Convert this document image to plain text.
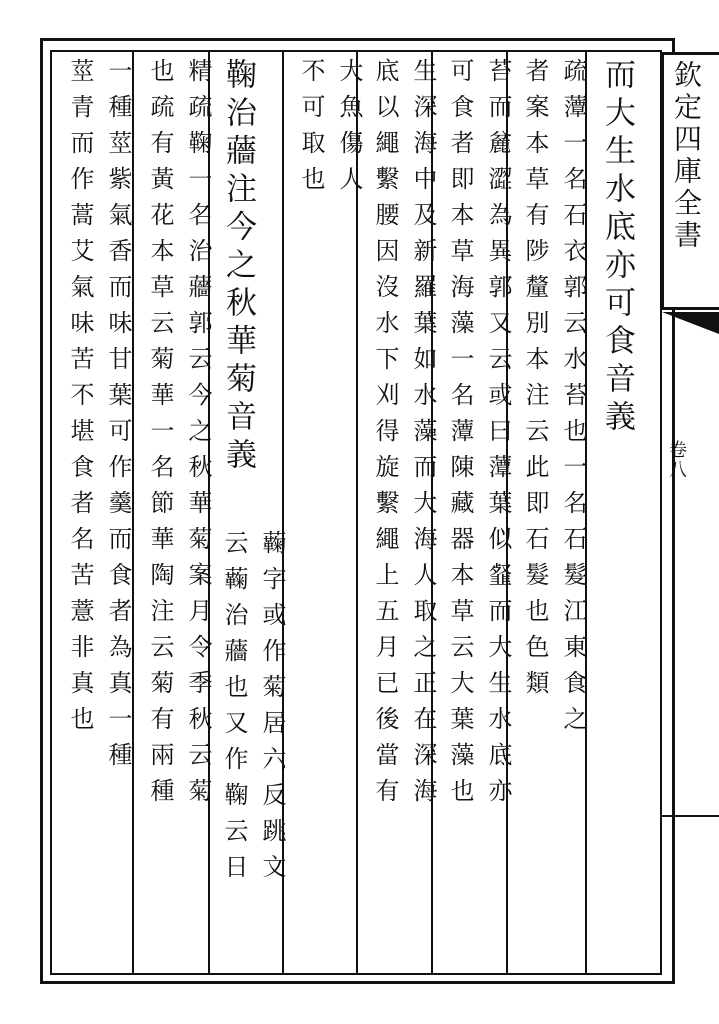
欽定四庫全書
卷八
而大生水底亦可食音義
疏藫一名石衣郭云水苔也一名石髮江東食之
者案本草有陟釐別本注云此即石髮也色類
苔而麄澀為異郭又云或曰藫葉似韰而大生水底亦
可食者即本草海藻一名藫陳藏器本草云大葉藻也
生深海中及新羅葉如水藻而大海人取之正在深海
底以繩繫腰因沒水下刈得旋繫繩上五月已後當有
大魚傷人
不可取也
鞠治蘠注今之秋華菊音義
蘜字或作菊居六反跳文
云蘜治蘠也又作鞠云日
精疏鞠一名治蘠郭云今之秋華菊案月令季秋云菊
也疏有黃花本草云菊華一名節華陶注云菊有兩種
一種莖紫氣香而味甘葉可作羹而食者為真一種
莖青而作蒿艾氣味苦不堪食者名苦薏非真也
